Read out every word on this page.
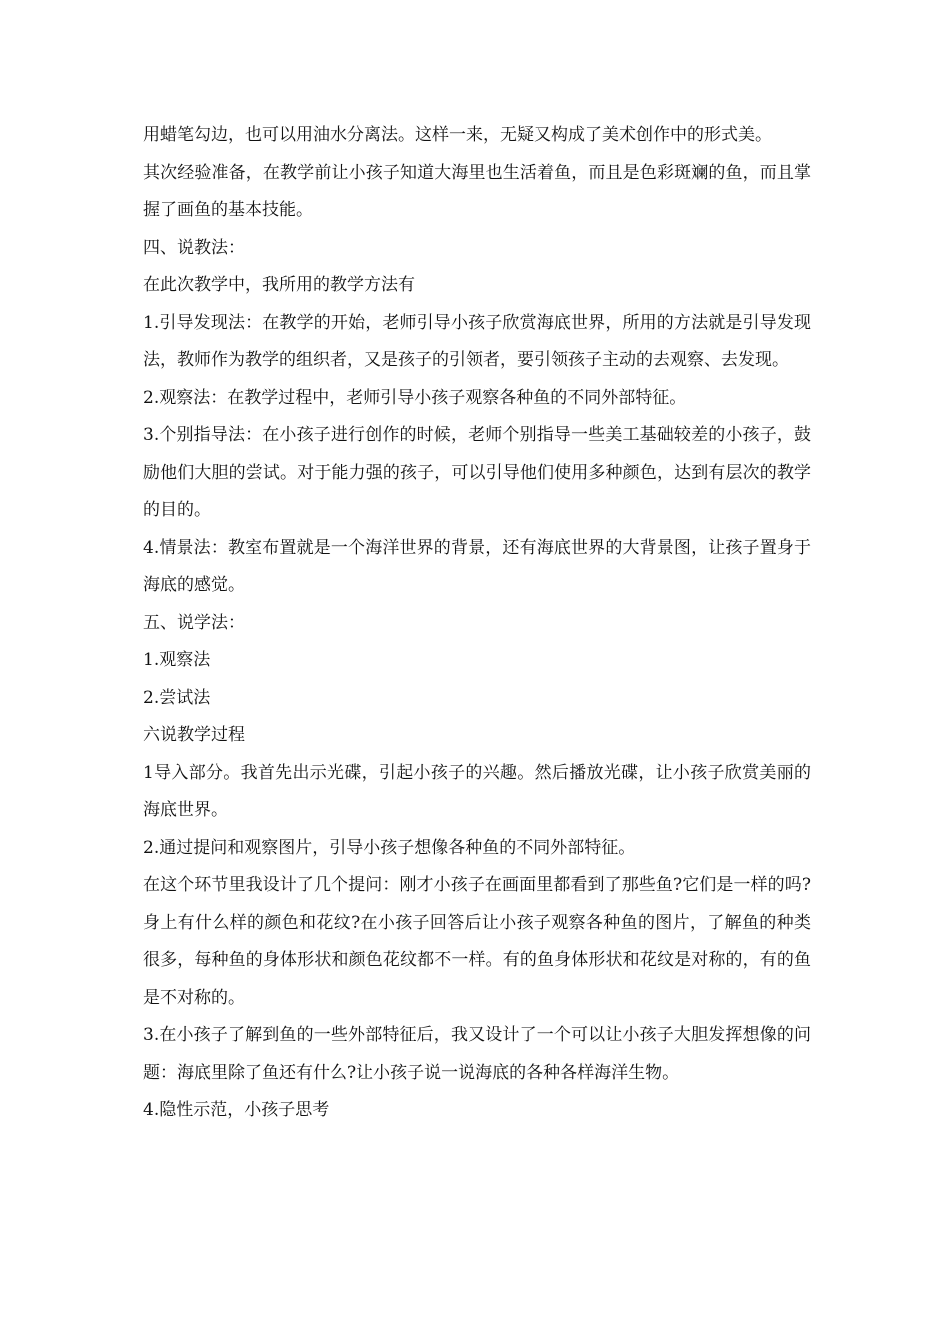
用蜡笔勾边，也可以用油水分离法。这样一来，无疑又构成了美术创作中的形式美。

其次经验准备，在教学前让小孩子知道大海里也生活着鱼，而且是色彩斑斓的鱼，而且掌握了画鱼的基本技能。

四、说教法：

在此次教学中，我所用的教学方法有

1.引导发现法：在教学的开始，老师引导小孩子欣赏海底世界，所用的方法就是引导发现法，教师作为教学的组织者，又是孩子的引领者，要引领孩子主动的去观察、去发现。

2.观察法：在教学过程中，老师引导小孩子观察各种鱼的不同外部特征。

3.个别指导法：在小孩子进行创作的时候，老师个别指导一些美工基础较差的小孩子，鼓励他们大胆的尝试。对于能力强的孩子，可以引导他们使用多种颜色，达到有层次的教学的目的。

4.情景法：教室布置就是一个海洋世界的背景，还有海底世界的大背景图，让孩子置身于海底的感觉。

五、说学法：

1.观察法

2.尝试法

六说教学过程

1导入部分。我首先出示光碟，引起小孩子的兴趣。然后播放光碟，让小孩子欣赏美丽的海底世界。

2.通过提问和观察图片，引导小孩子想像各种鱼的不同外部特征。

在这个环节里我设计了几个提问：刚才小孩子在画面里都看到了那些鱼?它们是一样的吗?身上有什么样的颜色和花纹?在小孩子回答后让小孩子观察各种鱼的图片，了解鱼的种类很多，每种鱼的身体形状和颜色花纹都不一样。有的鱼身体形状和花纹是对称的，有的鱼是不对称的。

3.在小孩子了解到鱼的一些外部特征后，我又设计了一个可以让小孩子大胆发挥想像的问题：海底里除了鱼还有什么?让小孩子说一说海底的各种各样海洋生物。

4.隐性示范，小孩子思考
